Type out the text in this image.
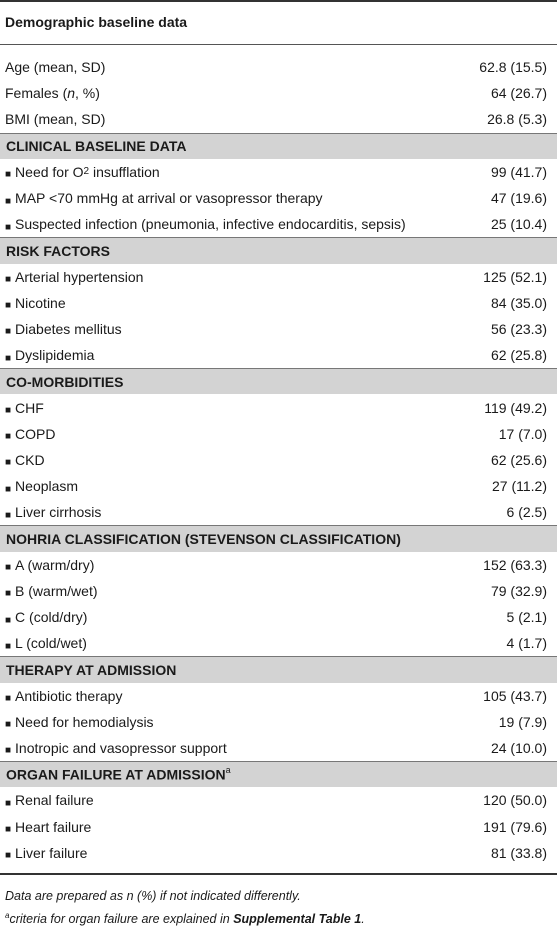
Demographic baseline data
Age (mean, SD)	62.8 (15.5)
Females ( n , %)	64 (26.7)
BMI (mean, SD)	26.8 (5.3)
CLINICAL BASELINE DATA
■ Need for O 2 insufflation	99 (41.7)
■ MAP <70 mmHg at arrival or vasopressor therapy	47 (19.6)
■ Suspected infection (pneumonia, infective endocarditis, sepsis)	25 (10.4)
RISK FACTORS
■ Arterial hypertension	125 (52.1)
■ Nicotine	84 (35.0)
■ Diabetes mellitus	56 (23.3)
■ Dyslipidemia	62 (25.8)
CO-MORBIDITIES
■ CHF	119 (49.2)
■ COPD	17 (7.0)
■ CKD	62 (25.6)
■ Neoplasm	27 (11.2)
■ Liver cirrhosis	6 (2.5)
NOHRIA CLASSIFICATION (STEVENSON CLASSIFICATION)
■ A (warm/dry)	152 (63.3)
■ B (warm/wet)	79 (32.9)
■ C (cold/dry)	5 (2.1)
■ L (cold/wet)	4 (1.7)
THERAPY AT ADMISSION
■ Antibiotic therapy	105 (43.7)
■ Need for hemodialysis	19 (7.9)
■ Inotropic and vasopressor support	24 (10.0)
ORGAN FAILURE AT ADMISSION$^a$
■ Renal failure	120 (50.0)
■ Heart failure	191 (79.6)
■ Liver failure	81 (33.8)
Data are prepared as n (%) if not indicated differently.
$^a$criteria for organ failure are explained in Supplemental Table 1.
